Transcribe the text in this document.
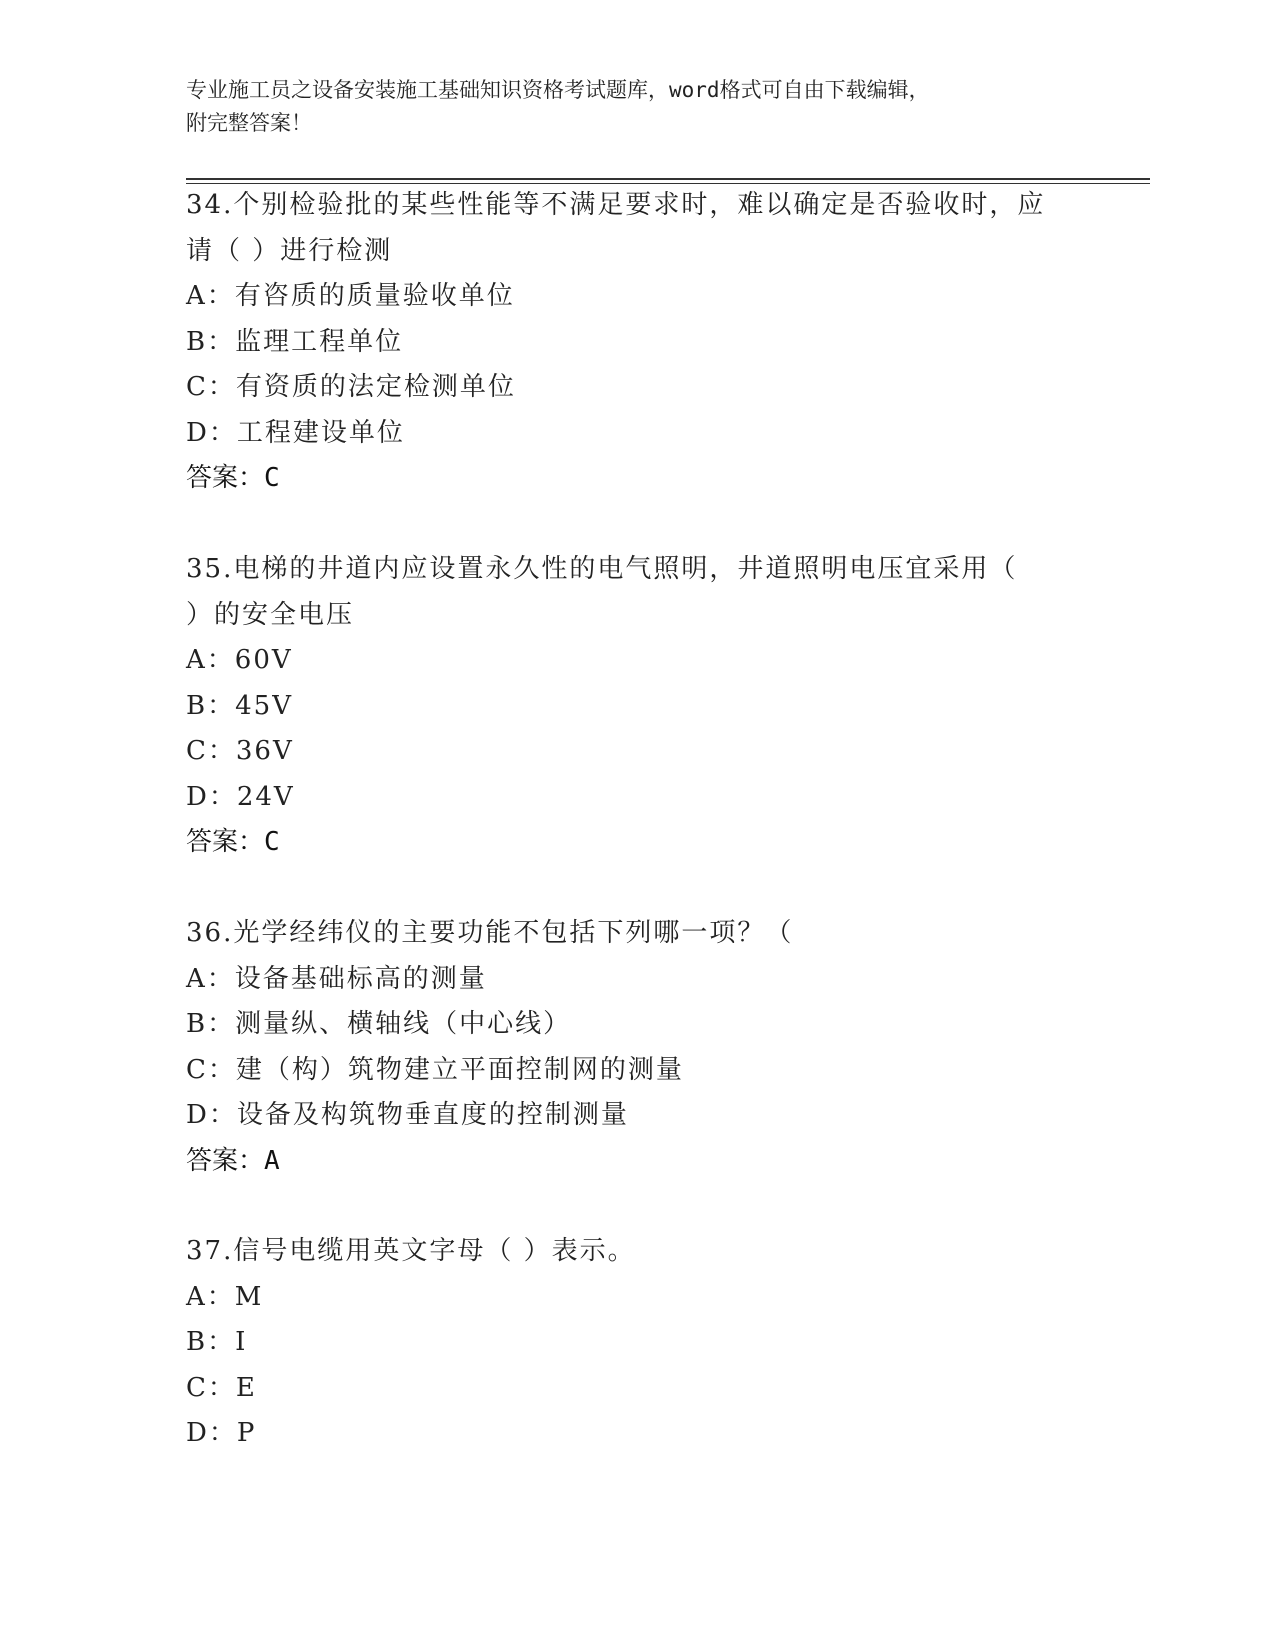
专业施工员之设备安装施工基础知识资格考试题库，word格式可自由下载编辑，
附完整答案！
34.个别检验批的某些性能等不满足要求时，难以确定是否验收时，应
请（ ）进行检测
A：有咨质的质量验收单位
B：监理工程单位
C：有资质的法定检测单位
D：工程建设单位
答案：C
35.电梯的井道内应设置永久性的电气照明，井道照明电压宜采用（
）的安全电压
A：60V
B：45V
C：36V
D：24V
答案：C
36.光学经纬仪的主要功能不包括下列哪一项？（
A：设备基础标高的测量
B：测量纵、横轴线（中心线）
C：建（构）筑物建立平面控制网的测量
D：设备及构筑物垂直度的控制测量
答案：A
37.信号电缆用英文字母（ ）表示。
A：M
B：I
C：E
D：P
